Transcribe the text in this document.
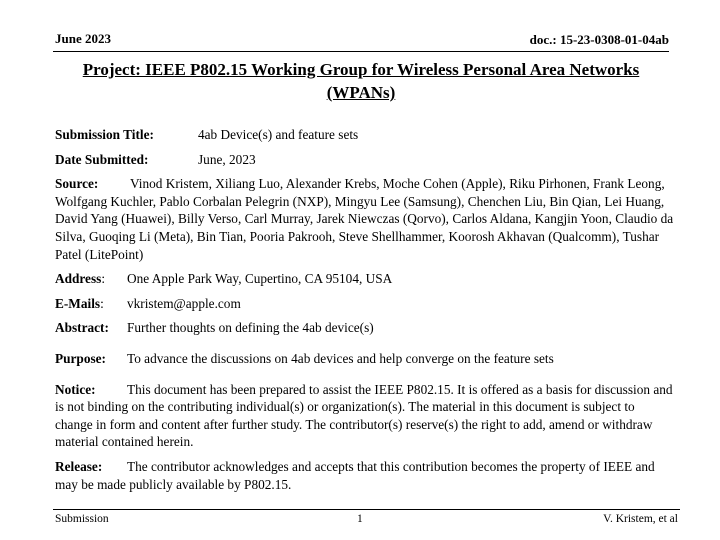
June 2023	doc.: 15-23-0308-01-04ab
Project: IEEE P802.15 Working Group for Wireless Personal Area Networks (WPANs)

Submission Title:	4ab Device(s) and feature sets

Date Submitted:	June, 2023

Source: Vinod Kristem, Xiliang Luo, Alexander Krebs, Moche Cohen (Apple), Riku Pirhonen, Frank Leong, Wolfgang Kuchler, Pablo Corbalan Pelegrin (NXP), Mingyu Lee (Samsung), Chenchen Liu, Bin Qian, Lei Huang, David Yang (Huawei), Billy Verso, Carl Murray, Jarek Niewczas (Qorvo), Carlos Aldana, Kangjin Yoon, Claudio da Silva, Guoqing Li (Meta), Bin Tian, Pooria Pakrooh, Steve Shellhammer, Koorosh Akhavan (Qualcomm), Tushar Patel (LitePoint)

Address: One Apple Park Way, Cupertino, CA 95104, USA

E-Mails: vkristem@apple.com

Abstract: Further thoughts on defining the 4ab device(s)

Purpose: To advance the discussions on 4ab devices and help converge on the feature sets

Notice: This document has been prepared to assist the IEEE P802.15. It is offered as a basis for discussion and is not binding on the contributing individual(s) or organization(s). The material in this document is subject to change in form and content after further study. The contributor(s) reserve(s) the right to add, amend or withdraw material contained herein.

Release: The contributor acknowledges and accepts that this contribution becomes the property of IEEE and may be made publicly available by P802.15.

Submission	1	V. Kristem, et al
